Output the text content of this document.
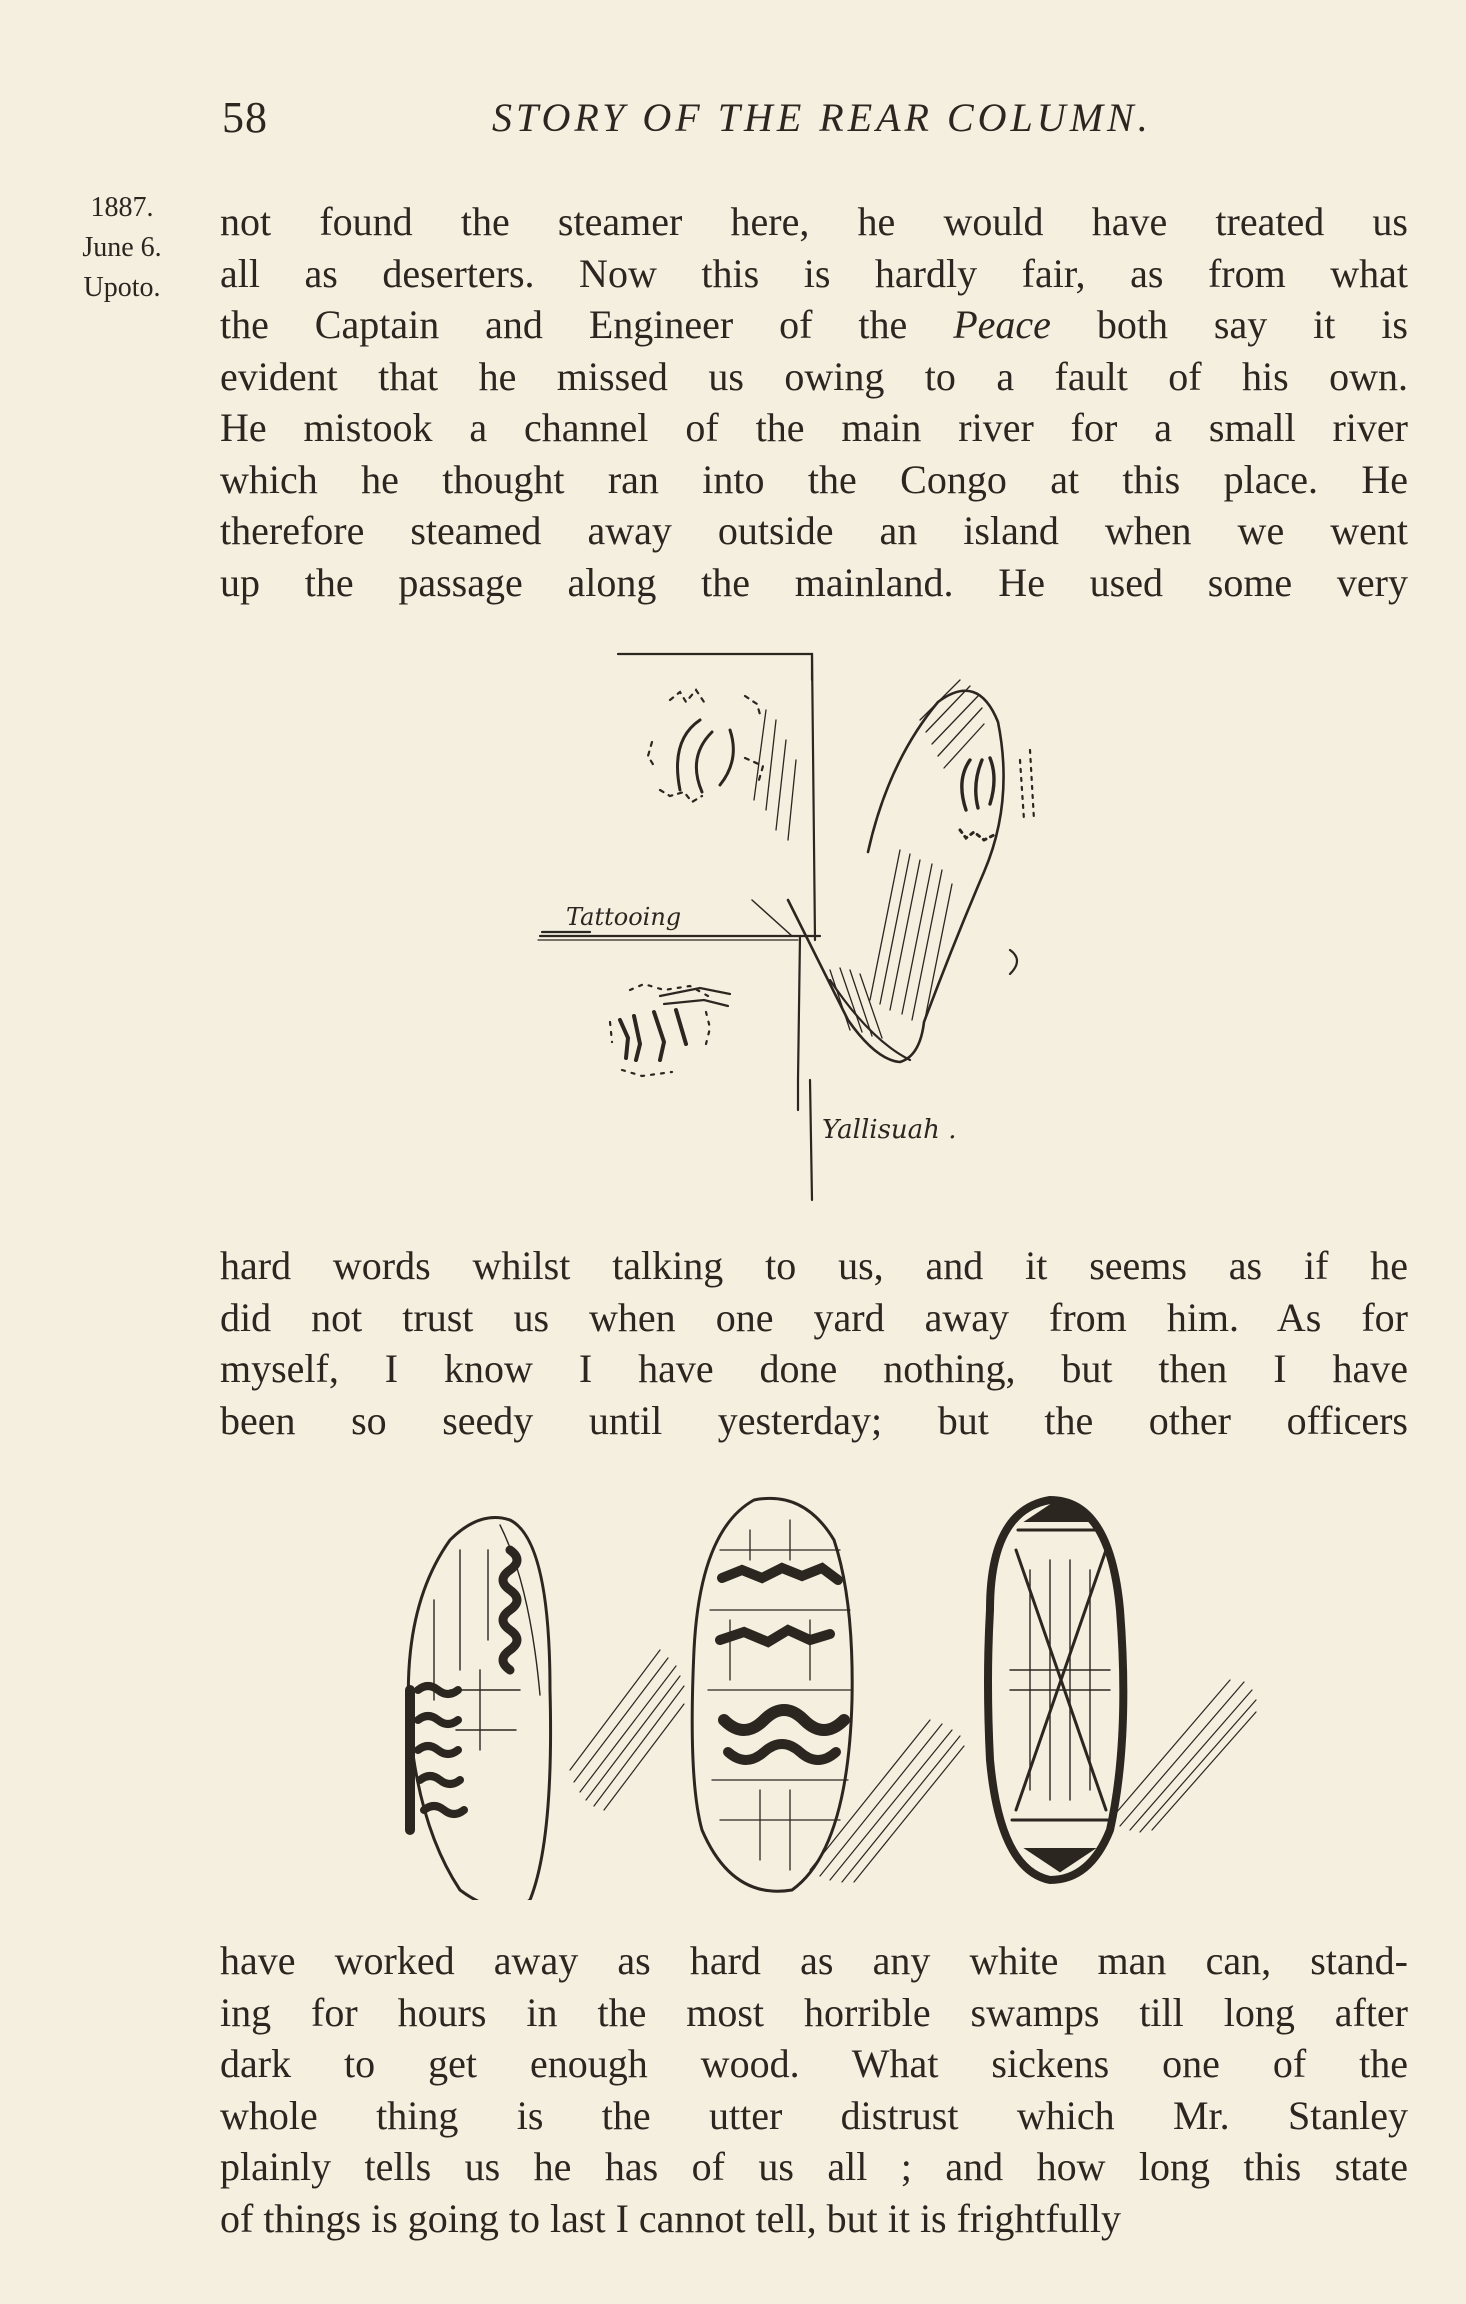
58	STORY OF THE REAR COLUMN.
1887.
June 6.
Upoto.
not found the steamer here, he would have treated us
all as deserters. Now this is hardly fair, as from what
the Captain and Engineer of the Peace both say it is
evident that he missed us owing to a fault of his own.
He mistook a channel of the main river for a small river
which he thought ran into the Congo at this place. He
therefore steamed away outside an island when we went
up the passage along the mainland. He used some very
Tattooing
Yallisuah .
hard words whilst talking to us, and it seems as if he
did not trust us when one yard away from him. As for
myself, I know I have done nothing, but then I have
been so seedy until yesterday; but the other officers
have worked away as hard as any white man can, stand-
ing for hours in the most horrible swamps till long after
dark to get enough wood. What sickens one of the
whole thing is the utter distrust which Mr. Stanley
plainly tells us he has of us all ; and how long this state
of things is going to last I cannot tell, but it is frightfully
